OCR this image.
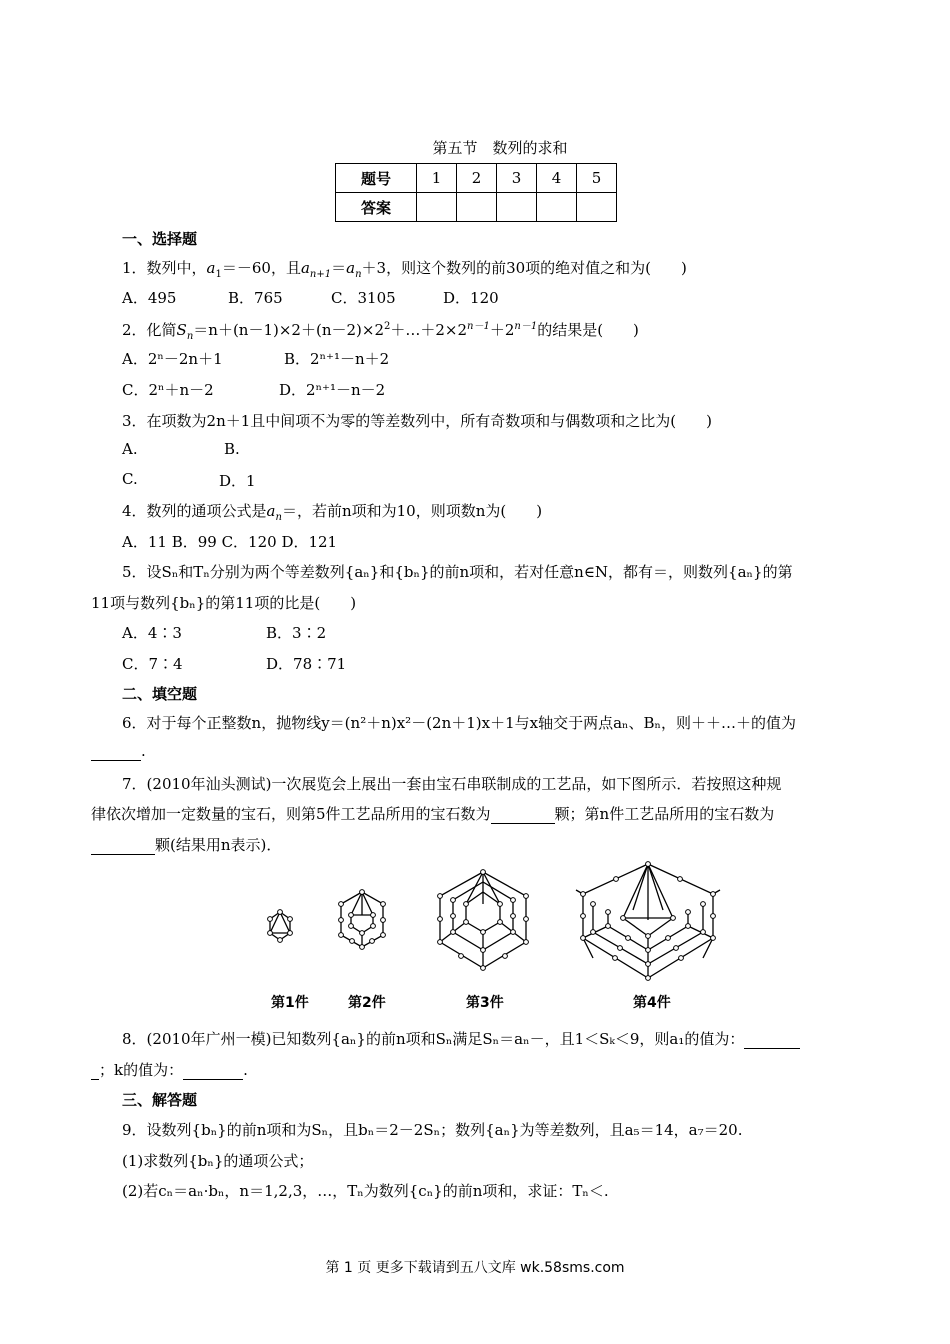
第五节　数列的求和
题号	1	2	3	4	5
答案					
一、选择题
1．数列中，$a_1=-60$，且$a_{n+1}=a_n+3$，则这个数列的前30项的绝对值之和为(　　)
A．495	B．765	C．3105	D．120
2．化简$S_n=n+(n-1)\times 2+(n-2)\times 2^2+\dots+2\times 2^{n-1}+2^{n-1}$的结果是(　　)
A．2ⁿ－2n＋1	B．2ⁿ⁺¹－n＋2
C．2ⁿ＋n－2	D．2ⁿ⁺¹－n－2
3．在项数为2n＋1且中间项不为零的等差数列中，所有奇数项和与偶数项和之比为(　　)
A.	B.
C.	D．1
4．数列的通项公式是$a_n=$，若前n项和为10，则项数n为(　　)
A．11 B．99 C．120 D．121
5．设Sₙ和Tₙ分别为两个等差数列{aₙ}和{bₙ}的前n项和，若对任意n∈N，都有＝，则数列{aₙ}的第
11项与数列{bₙ}的第11项的比是(　　)
A．4∶3	B．3∶2
C．7∶4	D．78∶71
二、填空题
6．对于每个正整数n，抛物线y＝(n²＋n)x²－(2n＋1)x＋1与x轴交于两点aₙ、Bₙ，则＋＋…＋的值为
.
7．(2010年汕头测试)一次展览会上展出一套由宝石串联制成的工艺品，如下图所示．若按照这种规
律依次增加一定数量的宝石，则第5件工艺品所用的宝石数为	颗；第n件工艺品所用的宝石数为
颗(结果用n表示)．
第1件	第2件	第3件	第4件
8．(2010年广州一模)已知数列{aₙ}的前n项和Sₙ满足Sₙ＝aₙ－，且1＜Sₖ＜9，则a₁的值为：
；k的值为：	.
三、解答题
9．设数列{bₙ}的前n项和为Sₙ，且bₙ＝2－2Sₙ；数列{aₙ}为等差数列，且a₅＝14，a₇＝20.
(1)求数列{bₙ}的通项公式；
(2)若cₙ＝aₙ·bₙ，n＝1,2,3，…，Tₙ为数列{cₙ}的前n项和，求证：Tₙ＜.
第 1 页 更多下载请到五八文库 wk.58sms.com
